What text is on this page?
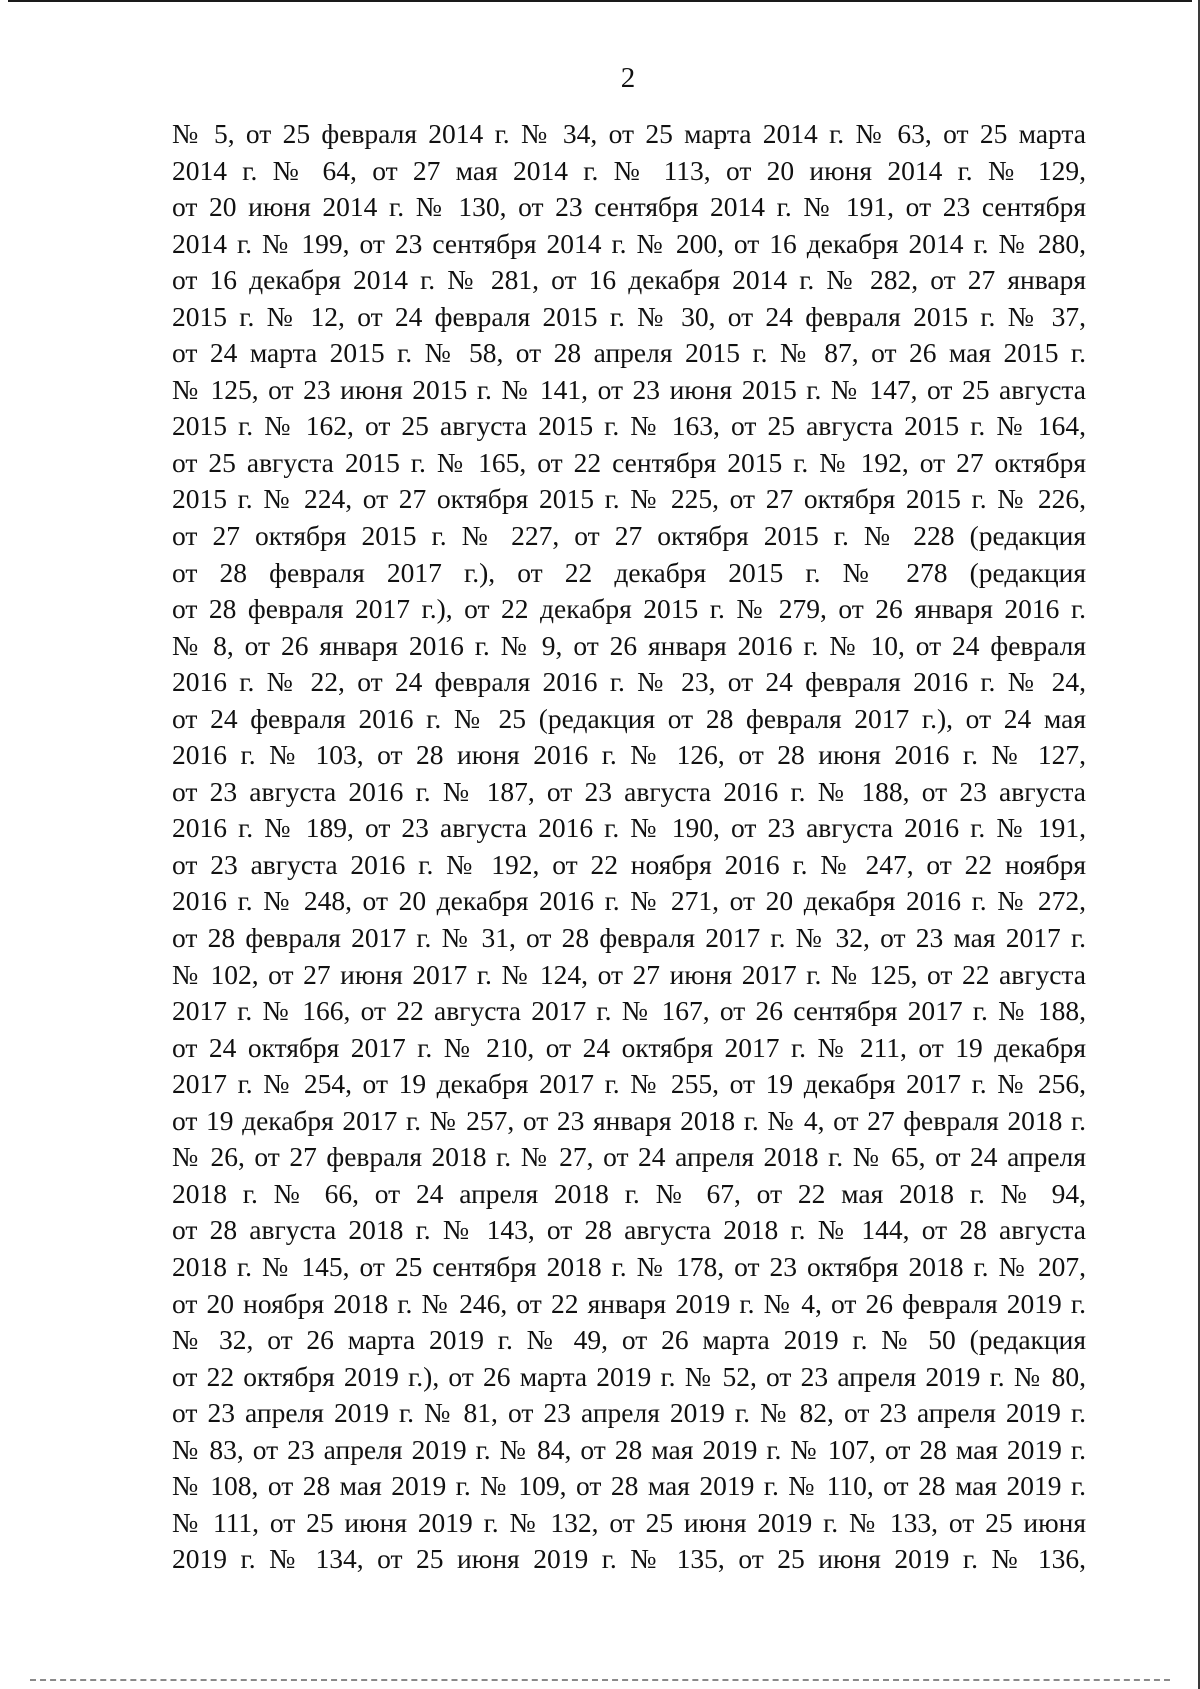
2
№ 5, от 25 февраля 2014 г. № 34, от 25 марта 2014 г. № 63, от 25 марта
2014 г. № 64, от 27 мая 2014 г. № 113, от 20 июня 2014 г. № 129,
от 20 июня 2014 г. № 130, от 23 сентября 2014 г. № 191, от 23 сентября
2014 г. № 199, от 23 сентября 2014 г. № 200, от 16 декабря 2014 г. № 280,
от 16 декабря 2014 г. № 281, от 16 декабря 2014 г. № 282, от 27 января
2015 г. № 12, от 24 февраля 2015 г. № 30, от 24 февраля 2015 г. № 37,
от 24 марта 2015 г. № 58, от 28 апреля 2015 г. № 87, от 26 мая 2015 г.
№ 125, от 23 июня 2015 г. № 141, от 23 июня 2015 г. № 147, от 25 августа
2015 г. № 162, от 25 августа 2015 г. № 163, от 25 августа 2015 г. № 164,
от 25 августа 2015 г. № 165, от 22 сентября 2015 г. № 192, от 27 октября
2015 г. № 224, от 27 октября 2015 г. № 225, от 27 октября 2015 г. № 226,
от 27 октября 2015 г. № 227, от 27 октября 2015 г. № 228 (редакция
от 28 февраля 2017 г.), от 22 декабря 2015 г. № 278 (редакция
от 28 февраля 2017 г.), от 22 декабря 2015 г. № 279, от 26 января 2016 г.
№ 8, от 26 января 2016 г. № 9, от 26 января 2016 г. № 10, от 24 февраля
2016 г. № 22, от 24 февраля 2016 г. № 23, от 24 февраля 2016 г. № 24,
от 24 февраля 2016 г. № 25 (редакция от 28 февраля 2017 г.), от 24 мая
2016 г. № 103, от 28 июня 2016 г. № 126, от 28 июня 2016 г. № 127,
от 23 августа 2016 г. № 187, от 23 августа 2016 г. № 188, от 23 августа
2016 г. № 189, от 23 августа 2016 г. № 190, от 23 августа 2016 г. № 191,
от 23 августа 2016 г. № 192, от 22 ноября 2016 г. № 247, от 22 ноября
2016 г. № 248, от 20 декабря 2016 г. № 271, от 20 декабря 2016 г. № 272,
от 28 февраля 2017 г. № 31, от 28 февраля 2017 г. № 32, от 23 мая 2017 г.
№ 102, от 27 июня 2017 г. № 124, от 27 июня 2017 г. № 125, от 22 августа
2017 г. № 166, от 22 августа 2017 г. № 167, от 26 сентября 2017 г. № 188,
от 24 октября 2017 г. № 210, от 24 октября 2017 г. № 211, от 19 декабря
2017 г. № 254, от 19 декабря 2017 г. № 255, от 19 декабря 2017 г. № 256,
от 19 декабря 2017 г. № 257, от 23 января 2018 г. № 4, от 27 февраля 2018 г.
№ 26, от 27 февраля 2018 г. № 27, от 24 апреля 2018 г. № 65, от 24 апреля
2018 г. № 66, от 24 апреля 2018 г. № 67, от 22 мая 2018 г. № 94,
от 28 августа 2018 г. № 143, от 28 августа 2018 г. № 144, от 28 августа
2018 г. № 145, от 25 сентября 2018 г. № 178, от 23 октября 2018 г. № 207,
от 20 ноября 2018 г. № 246, от 22 января 2019 г. № 4, от 26 февраля 2019 г.
№ 32, от 26 марта 2019 г. № 49, от 26 марта 2019 г. № 50 (редакция
от 22 октября 2019 г.), от 26 марта 2019 г. № 52, от 23 апреля 2019 г. № 80,
от 23 апреля 2019 г. № 81, от 23 апреля 2019 г. № 82, от 23 апреля 2019 г.
№ 83, от 23 апреля 2019 г. № 84, от 28 мая 2019 г. № 107, от 28 мая 2019 г.
№ 108, от 28 мая 2019 г. № 109, от 28 мая 2019 г. № 110, от 28 мая 2019 г.
№ 111, от 25 июня 2019 г. № 132, от 25 июня 2019 г. № 133, от 25 июня
2019 г. № 134, от 25 июня 2019 г. № 135, от 25 июня 2019 г. № 136,
